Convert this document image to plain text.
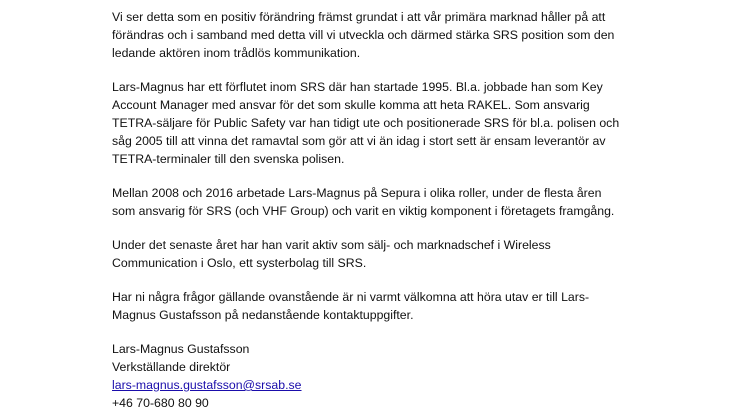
Vi ser detta som en positiv förändring främst grundat i att vår primära marknad håller på att
förändras och i samband med detta vill vi utveckla och därmed stärka SRS position som den
ledande aktören inom trådlös kommunikation.

Lars-Magnus har ett förflutet inom SRS där han startade 1995. Bl.a. jobbade han som Key
Account Manager med ansvar för det som skulle komma att heta RAKEL. Som ansvarig
TETRA-säljare för Public Safety var han tidigt ute och positionerade SRS för bl.a. polisen och
såg 2005 till att vinna det ramavtal som gör att vi än idag i stort sett är ensam leverantör av
TETRA-terminaler till den svenska polisen.

Mellan 2008 och 2016 arbetade Lars-Magnus på Sepura i olika roller, under de flesta åren
som ansvarig för SRS (och VHF Group) och varit en viktig komponent i företagets framgång.

Under det senaste året har han varit aktiv som sälj- och marknadschef i Wireless
Communication i Oslo, ett systerbolag till SRS.

Har ni några frågor gällande ovanstående är ni varmt välkomna att höra utav er till Lars-
Magnus Gustafsson på nedanstående kontaktuppgifter.

Lars-Magnus Gustafsson
Verkställande direktör
lars-magnus.gustafsson@srsab.se
+46 70-680 80 90
